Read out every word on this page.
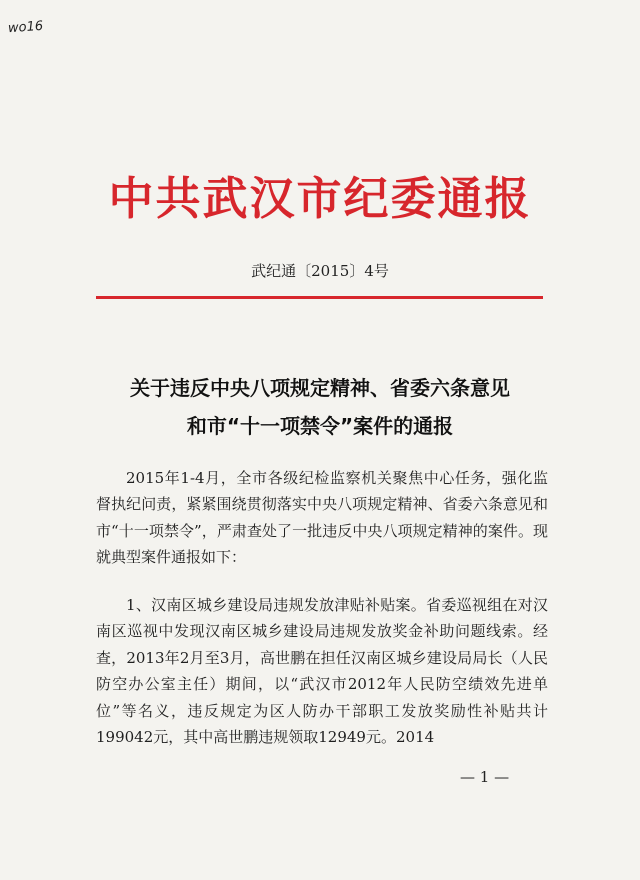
wo16
中共武汉市纪委通报
武纪通〔2015〕4号
关于违反中央八项规定精神、省委六条意见
和市“十一项禁令”案件的通报
2015年1-4月，全市各级纪检监察机关聚焦中心任务，强化监督执纪问责，紧紧围绕贯彻落实中央八项规定精神、省委六条意见和市“十一项禁令”，严肃查处了一批违反中央八项规定精神的案件。现就典型案件通报如下：
1、汉南区城乡建设局违规发放津贴补贴案。省委巡视组在对汉南区巡视中发现汉南区城乡建设局违规发放奖金补助问题线索。经查，2013年2月至3月，高世鹏在担任汉南区城乡建设局局长（人民防空办公室主任）期间，以“武汉市2012年人民防空绩效先进单位”等名义，违反规定为区人防办干部职工发放奖励性补贴共计199042元，其中高世鹏违规领取12949元。2014
— 1 —
